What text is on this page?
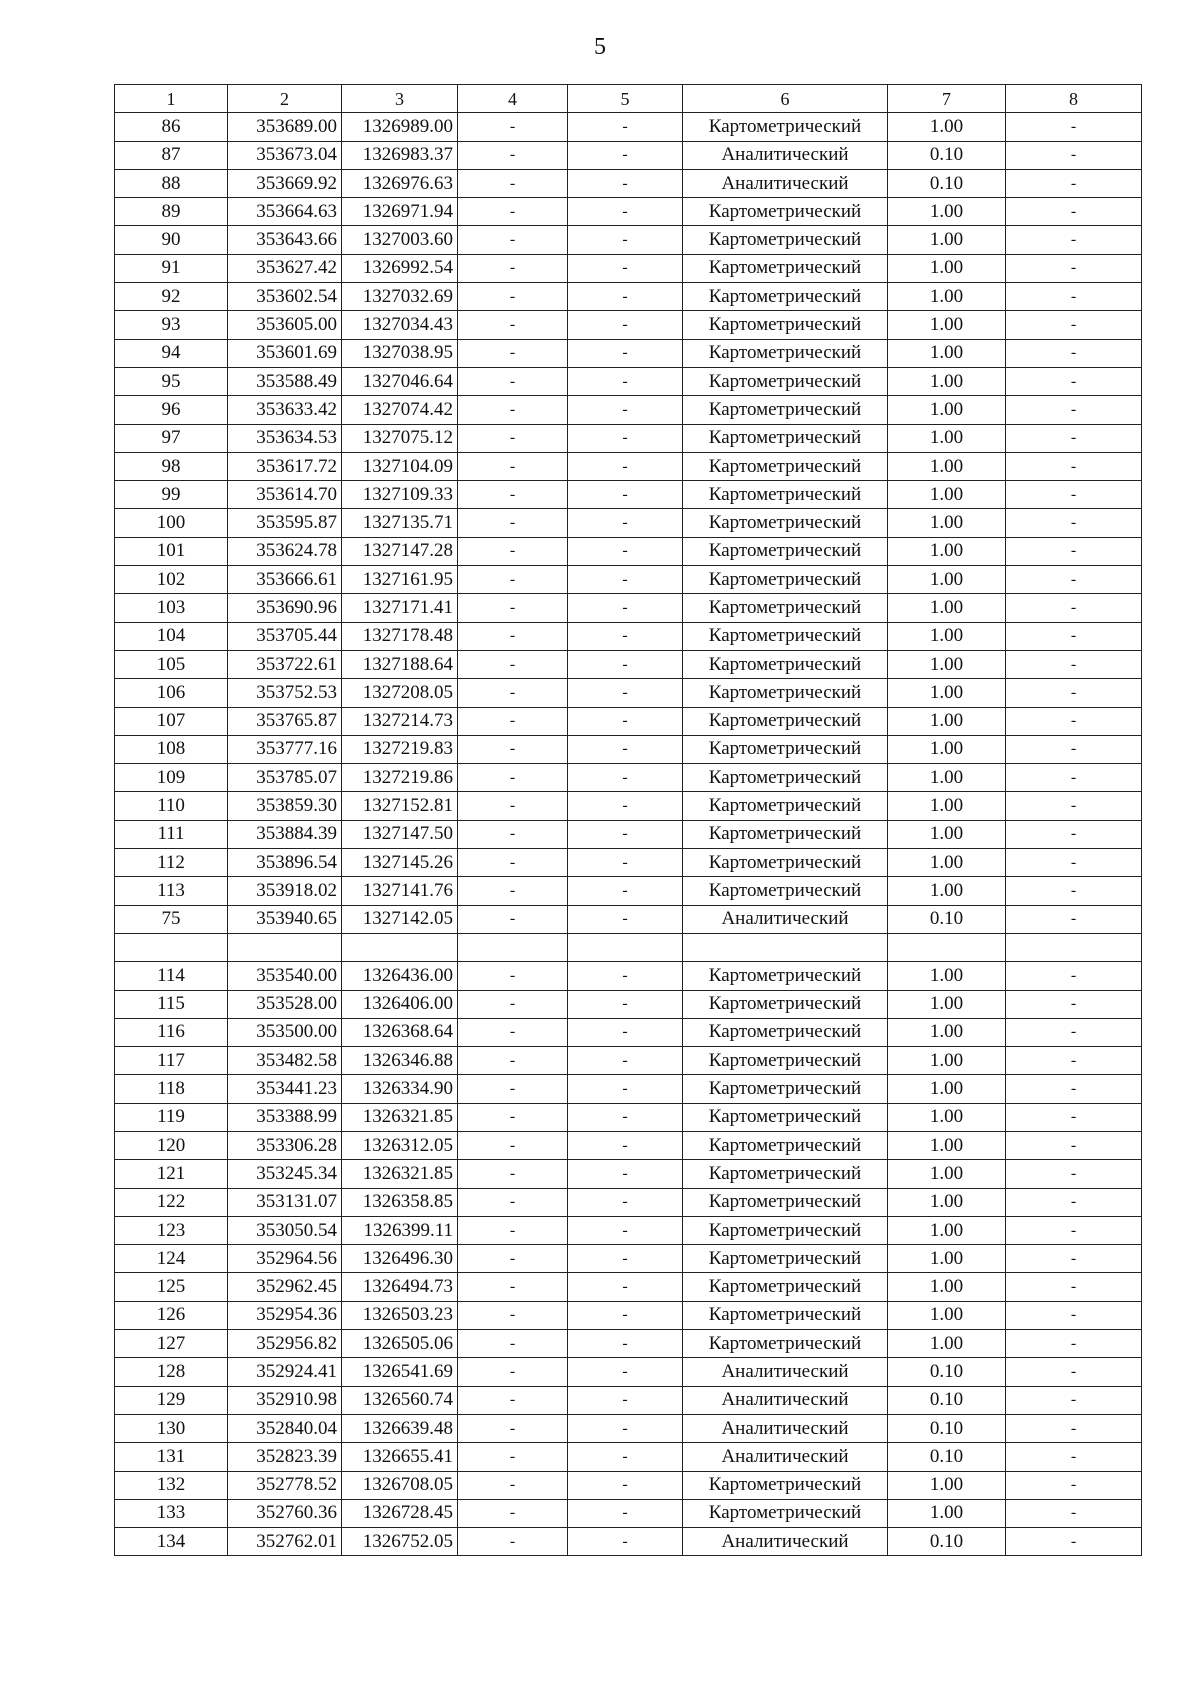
5
1	2	3	4	5	6	7	8
86	353689.00	1326989.00	-	-	Картометрический	1.00	-
87	353673.04	1326983.37	-	-	Аналитический	0.10	-
88	353669.92	1326976.63	-	-	Аналитический	0.10	-
89	353664.63	1326971.94	-	-	Картометрический	1.00	-
90	353643.66	1327003.60	-	-	Картометрический	1.00	-
91	353627.42	1326992.54	-	-	Картометрический	1.00	-
92	353602.54	1327032.69	-	-	Картометрический	1.00	-
93	353605.00	1327034.43	-	-	Картометрический	1.00	-
94	353601.69	1327038.95	-	-	Картометрический	1.00	-
95	353588.49	1327046.64	-	-	Картометрический	1.00	-
96	353633.42	1327074.42	-	-	Картометрический	1.00	-
97	353634.53	1327075.12	-	-	Картометрический	1.00	-
98	353617.72	1327104.09	-	-	Картометрический	1.00	-
99	353614.70	1327109.33	-	-	Картометрический	1.00	-
100	353595.87	1327135.71	-	-	Картометрический	1.00	-
101	353624.78	1327147.28	-	-	Картометрический	1.00	-
102	353666.61	1327161.95	-	-	Картометрический	1.00	-
103	353690.96	1327171.41	-	-	Картометрический	1.00	-
104	353705.44	1327178.48	-	-	Картометрический	1.00	-
105	353722.61	1327188.64	-	-	Картометрический	1.00	-
106	353752.53	1327208.05	-	-	Картометрический	1.00	-
107	353765.87	1327214.73	-	-	Картометрический	1.00	-
108	353777.16	1327219.83	-	-	Картометрический	1.00	-
109	353785.07	1327219.86	-	-	Картометрический	1.00	-
110	353859.30	1327152.81	-	-	Картометрический	1.00	-
111	353884.39	1327147.50	-	-	Картометрический	1.00	-
112	353896.54	1327145.26	-	-	Картометрический	1.00	-
113	353918.02	1327141.76	-	-	Картометрический	1.00	-
75	353940.65	1327142.05	-	-	Аналитический	0.10	-

114	353540.00	1326436.00	-	-	Картометрический	1.00	-
115	353528.00	1326406.00	-	-	Картометрический	1.00	-
116	353500.00	1326368.64	-	-	Картометрический	1.00	-
117	353482.58	1326346.88	-	-	Картометрический	1.00	-
118	353441.23	1326334.90	-	-	Картометрический	1.00	-
119	353388.99	1326321.85	-	-	Картометрический	1.00	-
120	353306.28	1326312.05	-	-	Картометрический	1.00	-
121	353245.34	1326321.85	-	-	Картометрический	1.00	-
122	353131.07	1326358.85	-	-	Картометрический	1.00	-
123	353050.54	1326399.11	-	-	Картометрический	1.00	-
124	352964.56	1326496.30	-	-	Картометрический	1.00	-
125	352962.45	1326494.73	-	-	Картометрический	1.00	-
126	352954.36	1326503.23	-	-	Картометрический	1.00	-
127	352956.82	1326505.06	-	-	Картометрический	1.00	-
128	352924.41	1326541.69	-	-	Аналитический	0.10	-
129	352910.98	1326560.74	-	-	Аналитический	0.10	-
130	352840.04	1326639.48	-	-	Аналитический	0.10	-
131	352823.39	1326655.41	-	-	Аналитический	0.10	-
132	352778.52	1326708.05	-	-	Картометрический	1.00	-
133	352760.36	1326728.45	-	-	Картометрический	1.00	-
134	352762.01	1326752.05	-	-	Аналитический	0.10	-
